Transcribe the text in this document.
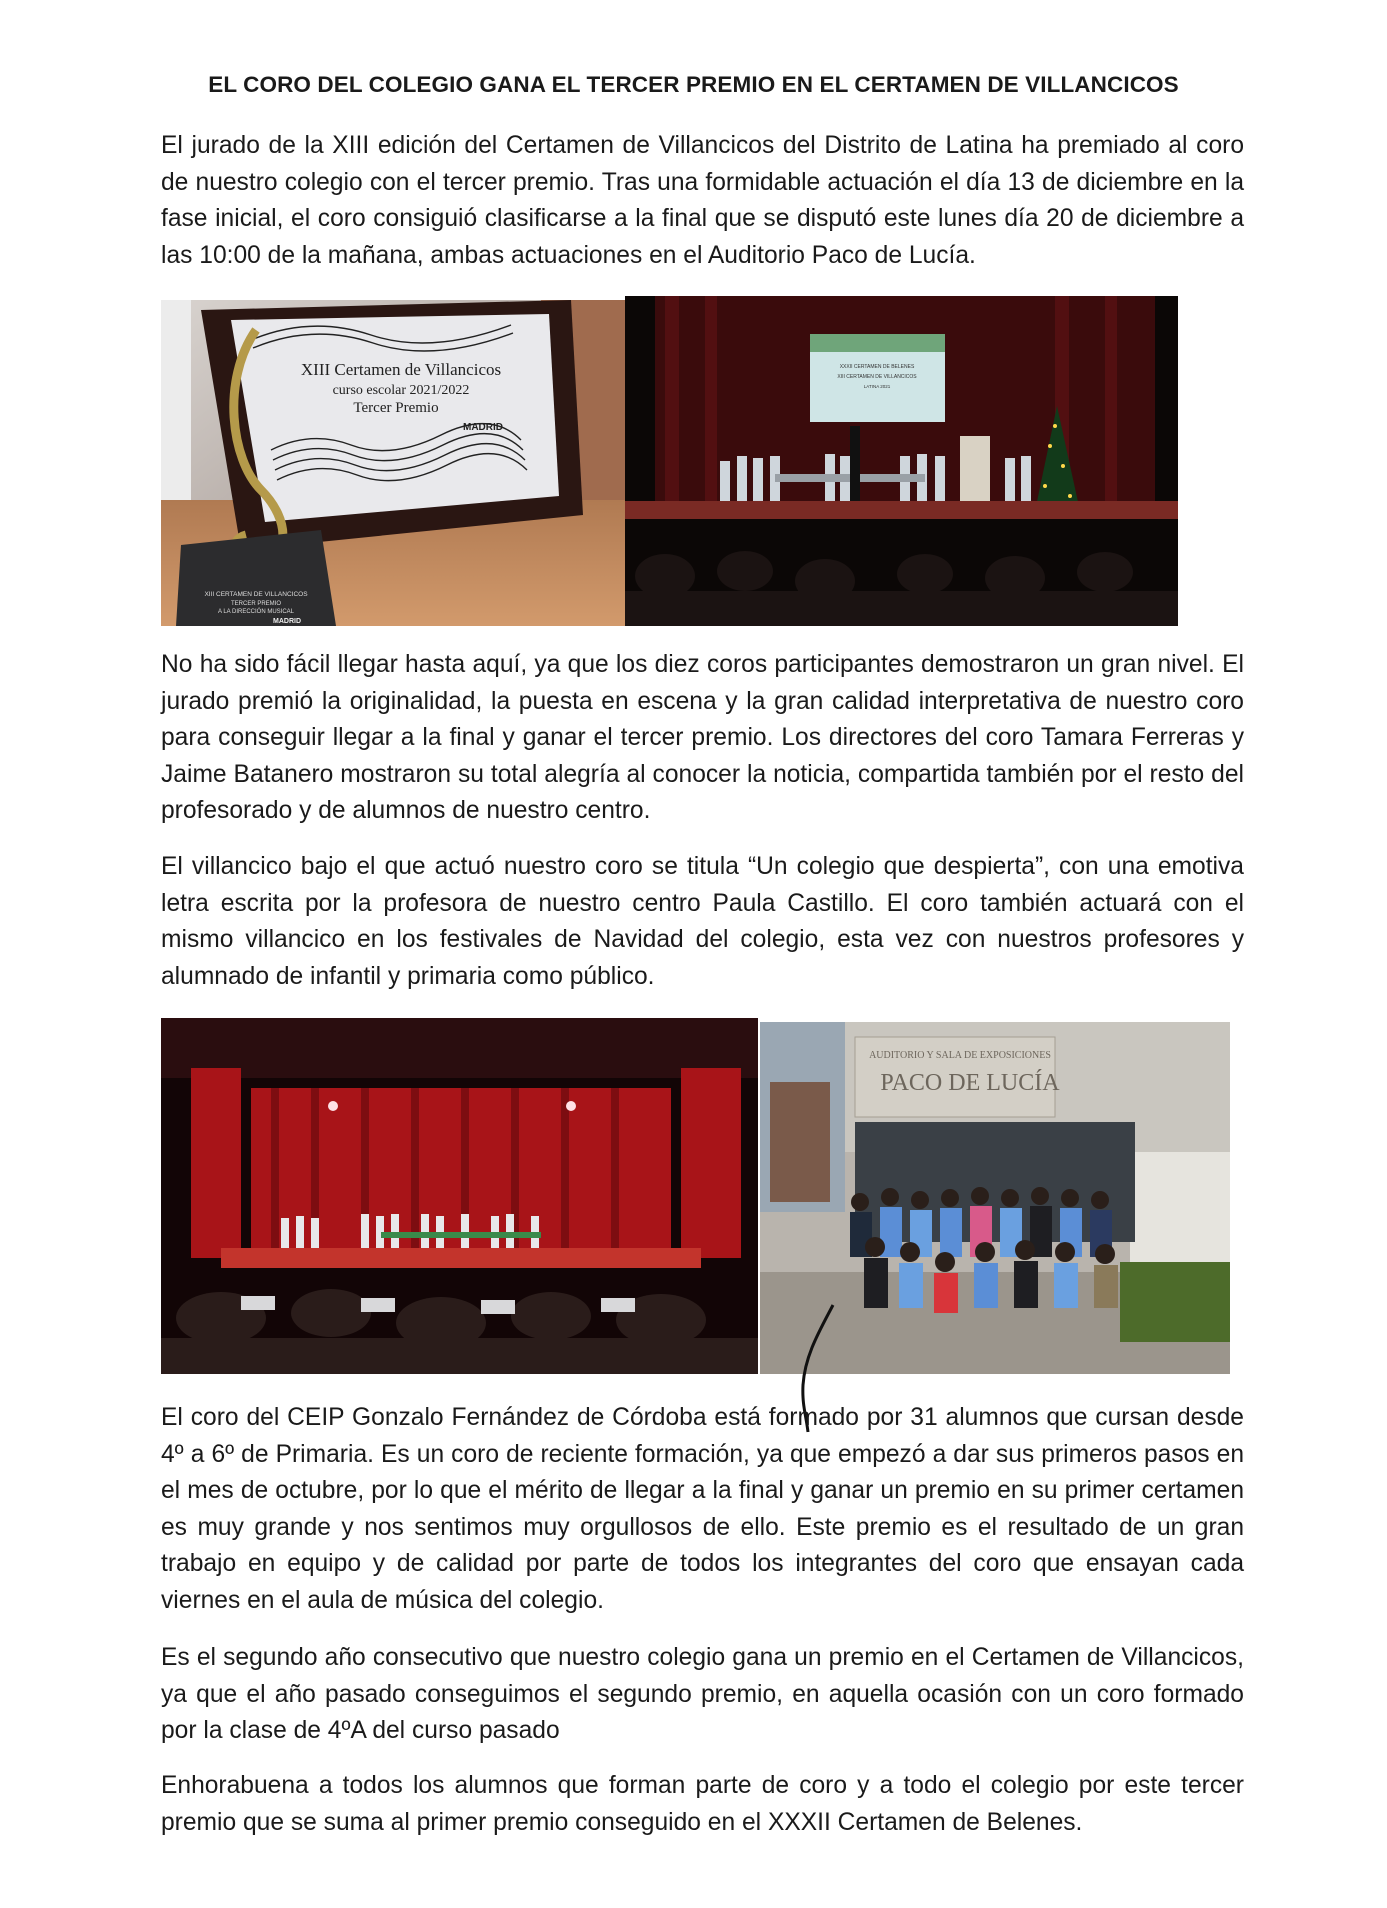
EL CORO DEL COLEGIO GANA EL TERCER PREMIO EN EL CERTAMEN DE VILLANCICOS

El jurado de la XIII edición del Certamen de Villancicos del Distrito de Latina ha premiado al coro de nuestro colegio con el tercer premio. Tras una formidable actuación el día 13 de diciembre en la fase inicial, el coro consiguió clasificarse a la final que se disputó este lunes día 20 de diciembre a las 10:00 de la mañana, ambas actuaciones en el Auditorio Paco de Lucía.

XIII Certamen de Villancicos
curso escolar 2021/2022
Tercer Premio
MADRID
XIII CERTAMEN DE VILLANCICOS
TERCER PREMIO
A LA DIRECCIÓN MUSICAL
MADRID
XXXII CERTAMEN DE BELENES
XIII CERTAMEN DE VILLANCICOS
LATINA 2021

No ha sido fácil llegar hasta aquí, ya que los diez coros participantes demostraron un gran nivel. El jurado premió la originalidad, la puesta en escena y la gran calidad interpretativa de nuestro coro para conseguir llegar a la final y ganar el tercer premio. Los directores del coro Tamara Ferreras y Jaime Batanero mostraron su total alegría al conocer la noticia, compartida también por el resto del profesorado y de alumnos de nuestro centro.

El villancico bajo el que actuó nuestro coro se titula “Un colegio que despierta”, con una emotiva letra escrita por la profesora de nuestro centro Paula Castillo. El coro también actuará con el mismo villancico en los festivales de Navidad del colegio, esta vez con nuestros profesores y alumnado de infantil y primaria como público.

AUDITORIO Y SALA DE EXPOSICIONES
PACO DE LUCÍA

El coro del CEIP Gonzalo Fernández de Córdoba está formado por 31 alumnos que cursan desde 4º a 6º de Primaria. Es un coro de reciente formación, ya que empezó a dar sus primeros pasos en el mes de octubre, por lo que el mérito de llegar a la final y ganar un premio en su primer certamen es muy grande y nos sentimos muy orgullosos de ello. Este premio es el resultado de un gran trabajo en equipo y de calidad por parte de todos los integrantes del coro que ensayan cada viernes en el aula de música del colegio.

Es el segundo año consecutivo que nuestro colegio gana un premio en el Certamen de Villancicos, ya que el año pasado conseguimos el segundo premio, en aquella ocasión con un coro formado por la clase de 4ºA del curso pasado

Enhorabuena a todos los alumnos que forman parte de coro y a todo el colegio por este tercer premio que se suma al primer premio conseguido en el XXXII Certamen de Belenes.
